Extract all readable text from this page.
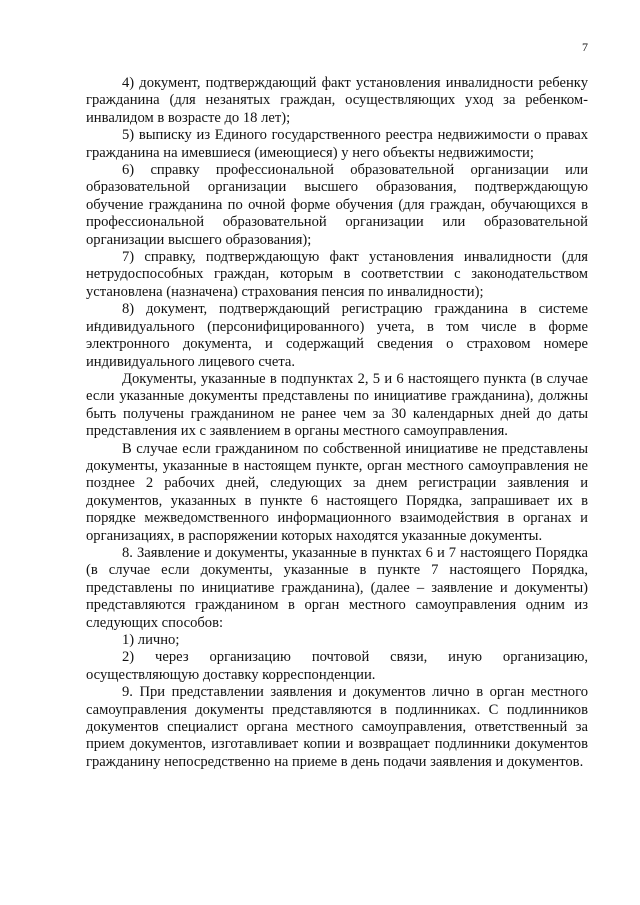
7

4) документ, подтверждающий факт установления инвалидности ребенку гражданина (для незанятых граждан, осуществляющих уход за ребенком-инвалидом в возрасте до 18 лет);

5) выписку из Единого государственного реестра недвижимости о правах гражданина на имевшиеся (имеющиеся) у него объекты недвижимости;

6) справку профессиональной образовательной организации или образовательной организации высшего образования, подтверждающую обучение гражданина по очной форме обучения (для граждан, обучающихся в профессиональной образовательной организации или образовательной организации высшего образования);

7) справку, подтверждающую факт установления инвалидности (для нетрудоспособных граждан, которым в соответствии с законодательством установлена (назначена) страхования пенсия по инвалидности);

8) документ, подтверждающий регистрацию гражданина в системе индивидуального (персонифицированного) учета, в том числе в форме электронного документа, и содержащий сведения о страховом номере индивидуального лицевого счета.

Документы, указанные в подпунктах 2, 5 и 6 настоящего пункта (в случае если указанные документы представлены по инициативе гражданина), должны быть получены гражданином не ранее чем за 30 календарных дней до даты представления их с заявлением в органы местного самоуправления.

В случае если гражданином по собственной инициативе не представлены документы, указанные в настоящем пункте, орган местного самоуправления не позднее 2 рабочих дней, следующих за днем регистрации заявления и документов, указанных в пункте 6 настоящего Порядка, запрашивает их в порядке межведомственного информационного взаимодействия в органах и организациях, в распоряжении которых находятся указанные документы.

8. Заявление и документы, указанные в пунктах 6 и 7 настоящего Порядка (в случае если документы, указанные в пункте 7 настоящего Порядка, представлены по инициативе гражданина), (далее – заявление и документы) представляются гражданином в орган местного самоуправления одним из следующих способов:

1) лично;

2) через организацию почтовой связи, иную организацию, осуществляющую доставку корреспонденции.

9. При представлении заявления и документов лично в орган местного самоуправления документы представляются в подлинниках. С подлинников документов специалист органа местного самоуправления, ответственный за прием документов, изготавливает копии и возвращает подлинники документов гражданину непосредственно на приеме в день подачи заявления и документов.
